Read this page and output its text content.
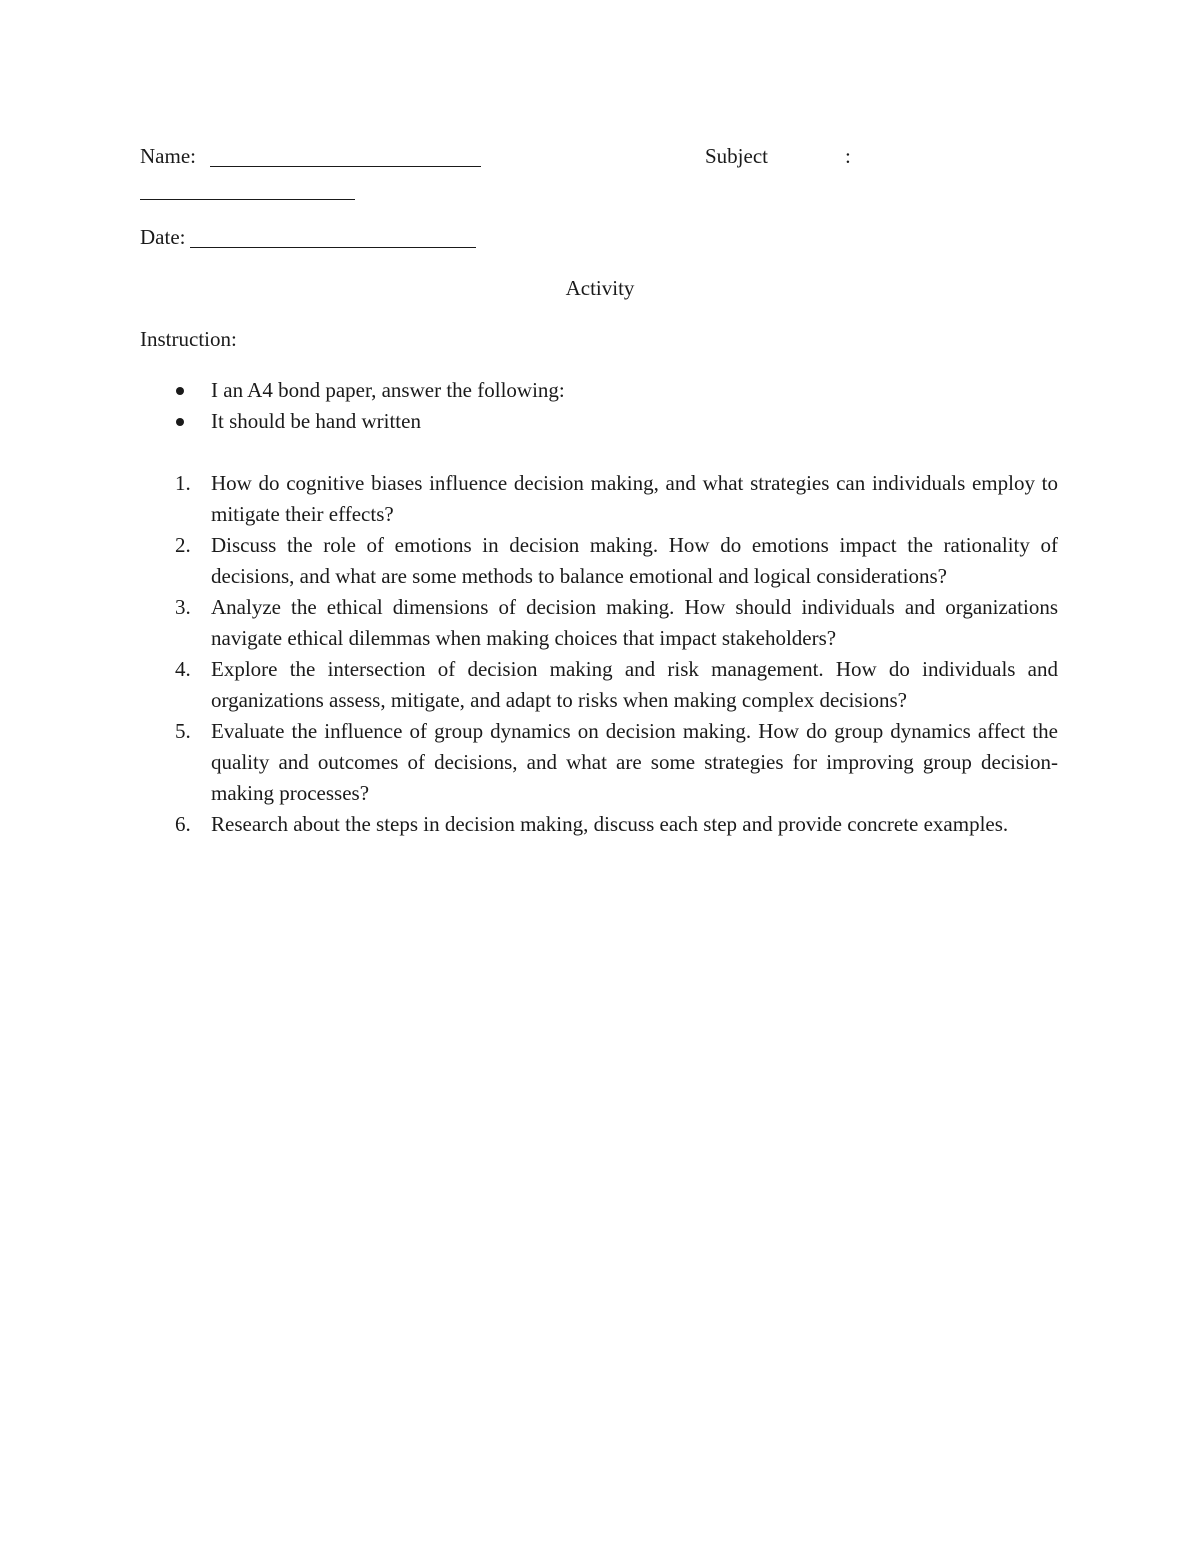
Name:	Subject	:
Date:
Activity
Instruction:
I an A4 bond paper, answer the following:
It should be hand written
1. How do cognitive biases influence decision making, and what strategies can individuals employ to mitigate their effects?
2. Discuss the role of emotions in decision making. How do emotions impact the rationality of decisions, and what are some methods to balance emotional and logical considerations?
3. Analyze the ethical dimensions of decision making. How should individuals and organizations navigate ethical dilemmas when making choices that impact stakeholders?
4. Explore the intersection of decision making and risk management. How do individuals and organizations assess, mitigate, and adapt to risks when making complex decisions?
5. Evaluate the influence of group dynamics on decision making. How do group dynamics affect the quality and outcomes of decisions, and what are some strategies for improving group decision-making processes?
6. Research about the steps in decision making, discuss each step and provide concrete examples.
